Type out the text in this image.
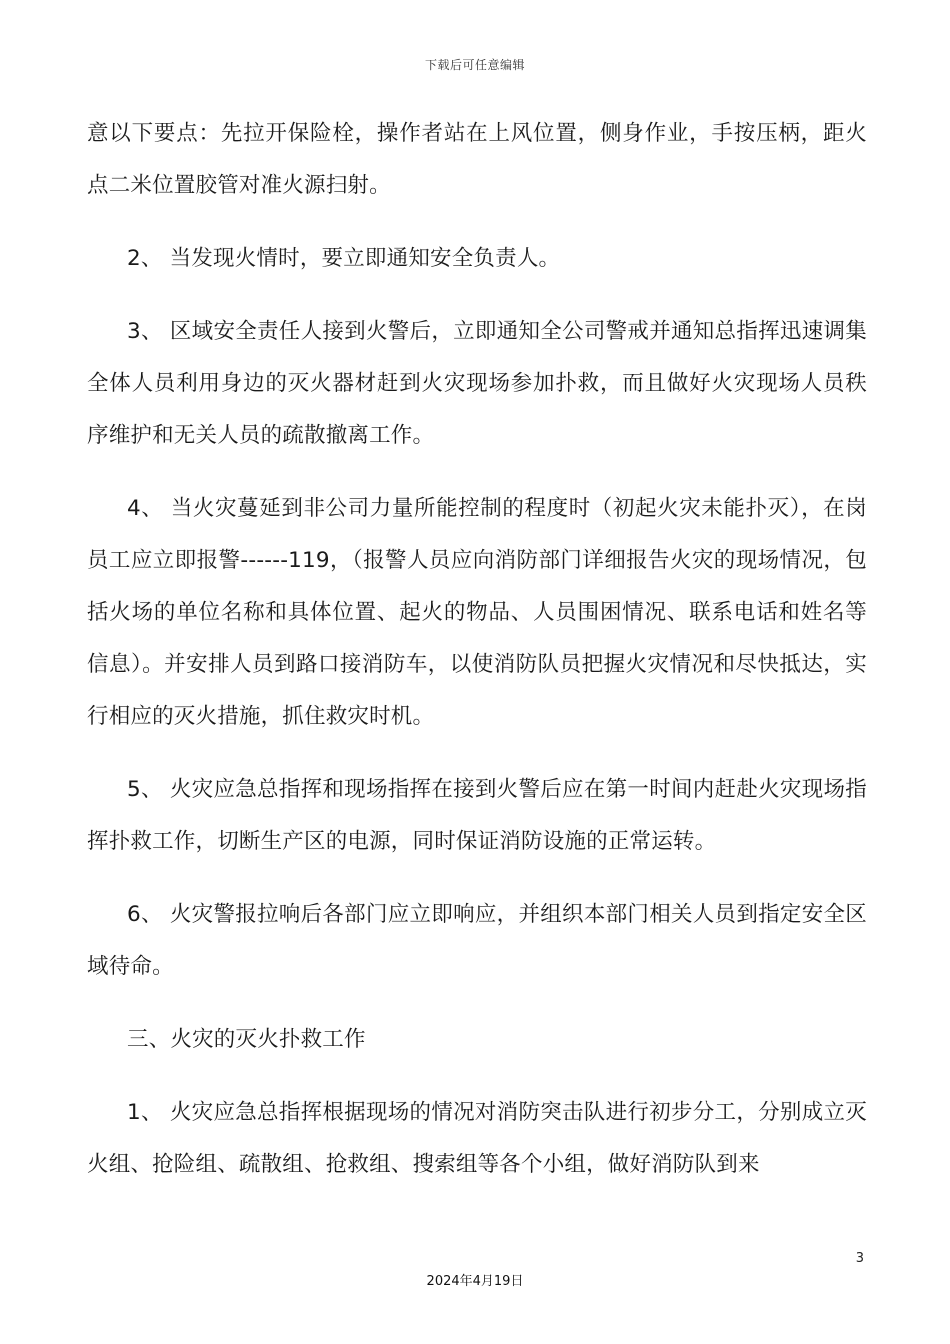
下载后可任意编辑

意以下要点：先拉开保险栓，操作者站在上风位置，侧身作业，手按压柄，距火点二米位置胶管对准火源扫射。

2、 当发现火情时，要立即通知安全负责人。

3、 区域安全责任人接到火警后，立即通知全公司警戒并通知总指挥迅速调集全体人员利用身边的灭火器材赶到火灾现场参加扑救，而且做好火灾现场人员秩序维护和无关人员的疏散撤离工作。

4、 当火灾蔓延到非公司力量所能控制的程度时（初起火灾未能扑灭），在岗员工应立即报警------119，（报警人员应向消防部门详细报告火灾的现场情况，包括火场的单位名称和具体位置、起火的物品、人员围困情况、联系电话和姓名等信息）。并安排人员到路口接消防车，以使消防队员把握火灾情况和尽快抵达，实行相应的灭火措施，抓住救灾时机。

5、 火灾应急总指挥和现场指挥在接到火警后应在第一时间内赶赴火灾现场指挥扑救工作，切断生产区的电源，同时保证消防设施的正常运转。

6、 火灾警报拉响后各部门应立即响应，并组织本部门相关人员到指定安全区域待命。

三、火灾的灭火扑救工作

1、 火灾应急总指挥根据现场的情况对消防突击队进行初步分工，分别成立灭火组、抢险组、疏散组、抢救组、搜索组等各个小组，做好消防队到来

3
2024年4月19日
